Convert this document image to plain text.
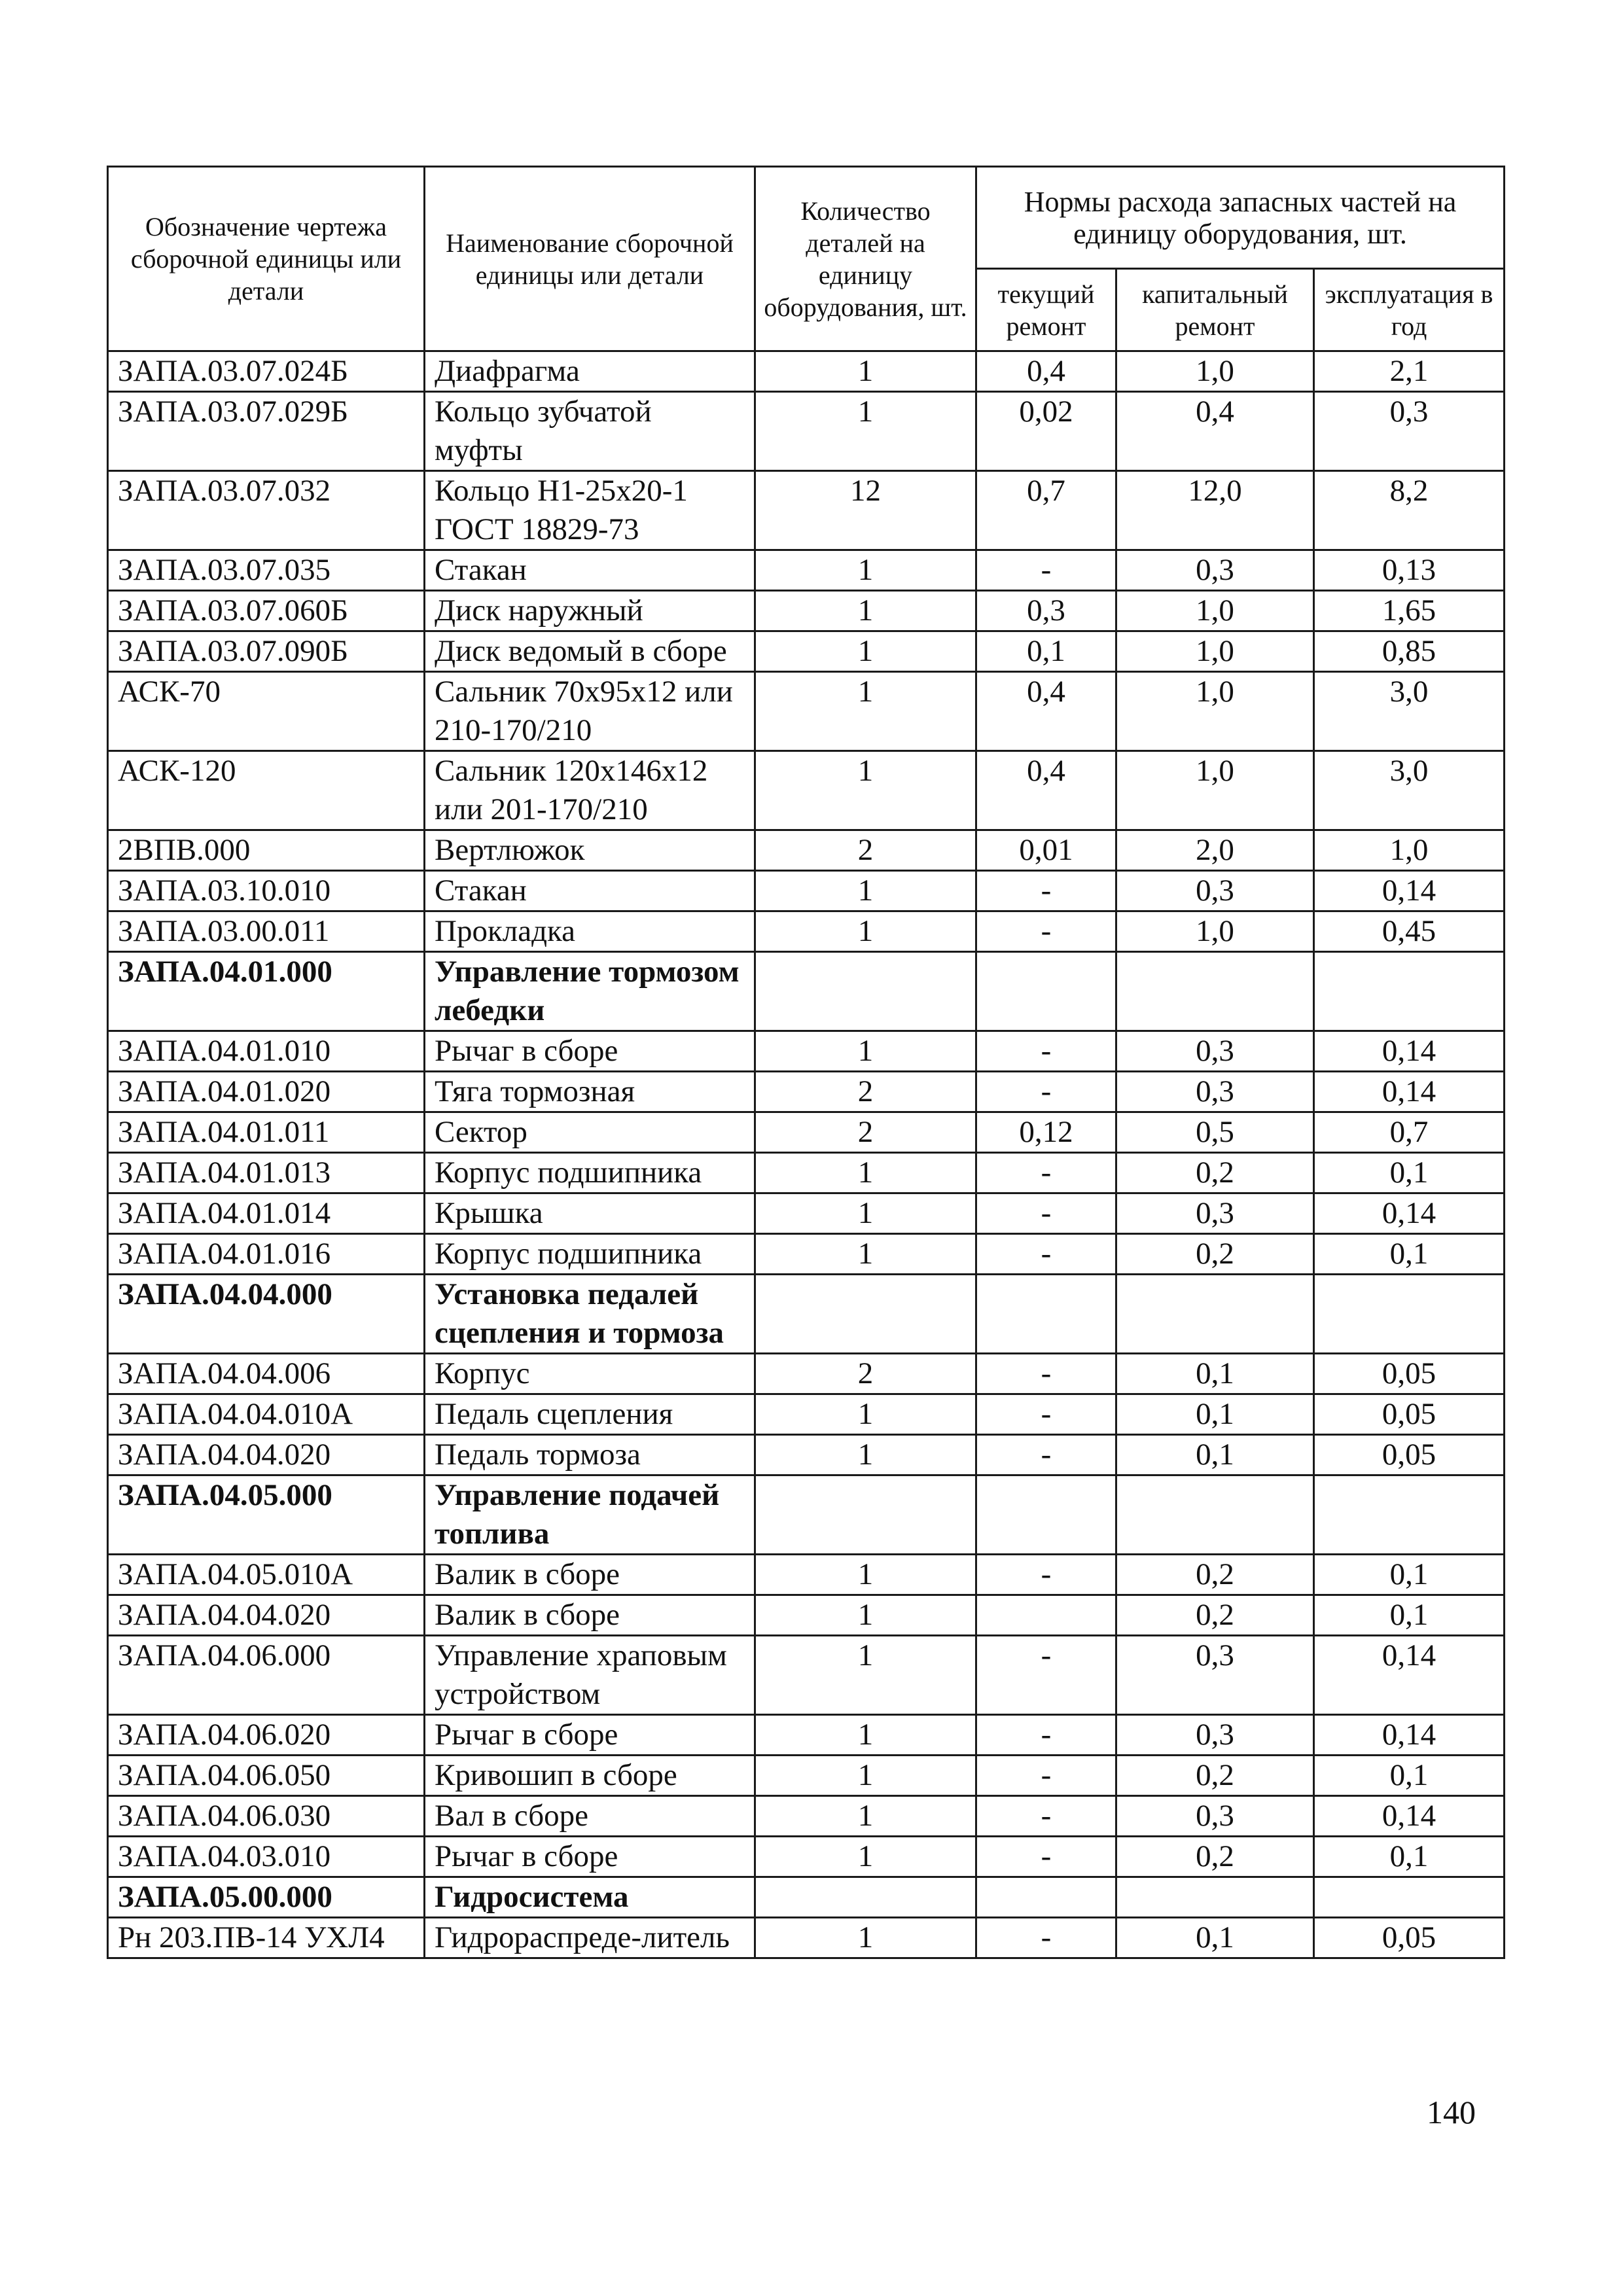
Обозначение чертежа сборочной единицы или детали	Наименование сборочной единицы или детали	Количество деталей на единицу оборудования, шт.	Нормы расхода запасных частей на единицу оборудования, шт.		
			текущий ремонт	капитальный ремонт	эксплуатация в год
ЗАПА.03.07.024Б	Диафрагма	1	0,4	1,0	2,1
ЗАПА.03.07.029Б	Кольцо зубчатой муфты	1	0,02	0,4	0,3
ЗАПА.03.07.032	Кольцо Н1-25х20-1 ГОСТ 18829-73	12	0,7	12,0	8,2
ЗАПА.03.07.035	Стакан	1	-	0,3	0,13
ЗАПА.03.07.060Б	Диск наружный	1	0,3	1,0	1,65
ЗАПА.03.07.090Б	Диск ведомый в сборе	1	0,1	1,0	0,85
АСК-70	Сальник 70х95х12 или 210-170/210	1	0,4	1,0	3,0
АСК-120	Сальник 120х146х12 или 201-170/210	1	0,4	1,0	3,0
2ВПВ.000	Вертлюжок	2	0,01	2,0	1,0
ЗАПА.03.10.010	Стакан	1	-	0,3	0,14
ЗАПА.03.00.011	Прокладка	1	-	1,0	0,45
ЗАПА.04.01.000	Управление тормозом лебедки				
ЗАПА.04.01.010	Рычаг в сборе	1	-	0,3	0,14
ЗАПА.04.01.020	Тяга тормозная	2	-	0,3	0,14
ЗАПА.04.01.011	Сектор	2	0,12	0,5	0,7
ЗАПА.04.01.013	Корпус подшипника	1	-	0,2	0,1
ЗАПА.04.01.014	Крышка	1	-	0,3	0,14
ЗАПА.04.01.016	Корпус подшипника	1	-	0,2	0,1
ЗАПА.04.04.000	Установка педалей сцепления и тормоза				
ЗАПА.04.04.006	Корпус	2	-	0,1	0,05
ЗАПА.04.04.010А	Педаль сцепления	1	-	0,1	0,05
ЗАПА.04.04.020	Педаль тормоза	1	-	0,1	0,05
ЗАПА.04.05.000	Управление подачей топлива				
ЗАПА.04.05.010А	Валик в сборе	1	-	0,2	0,1
ЗАПА.04.04.020	Валик в сборе	1		0,2	0,1
ЗАПА.04.06.000	Управление храповым устройством	1	-	0,3	0,14
ЗАПА.04.06.020	Рычаг в сборе	1	-	0,3	0,14
ЗАПА.04.06.050	Кривошип в сборе	1	-	0,2	0,1
ЗАПА.04.06.030	Вал в сборе	1	-	0,3	0,14
ЗАПА.04.03.010	Рычаг в сборе	1	-	0,2	0,1
ЗАПА.05.00.000	Гидросистема				
Рн 203.ПВ-14 УХЛ4	Гидрораспреде-литель	1	-	0,1	0,05
140
